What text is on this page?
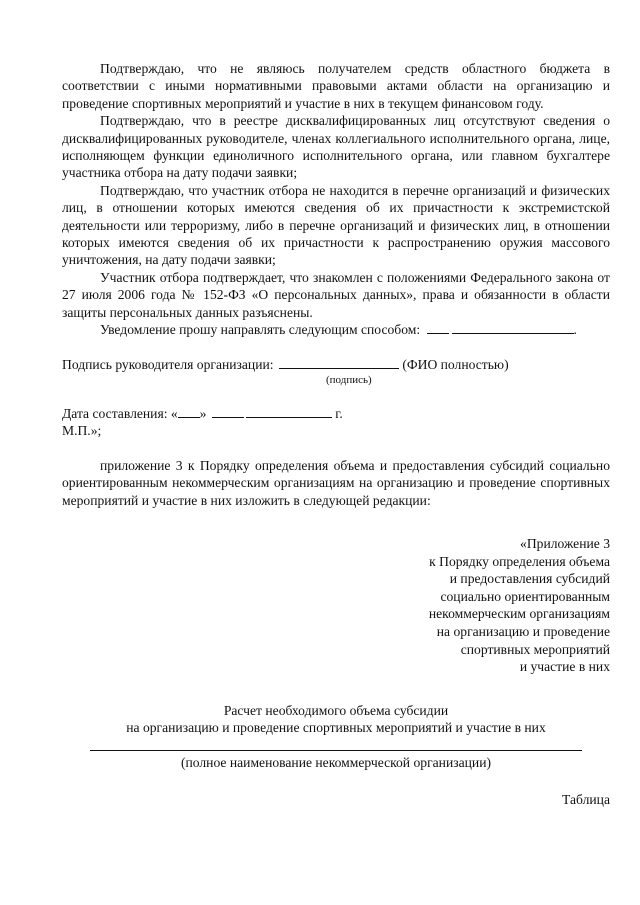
Подтверждаю, что не являюсь получателем средств областного бюджета в соответствии с иными нормативными правовыми актами области на организацию и проведение спортивных мероприятий и участие в них в текущем финансовом году.

Подтверждаю, что в реестре дисквалифицированных лиц отсутствуют сведения о дисквалифицированных руководителе, членах коллегиального исполнительного органа, лице, исполняющем функции единоличного исполнительного органа, или главном бухгалтере участника отбора на дату подачи заявки;

Подтверждаю, что участник отбора не находится в перечне организаций и физических лиц, в отношении которых имеются сведения об их причастности к экстремистской деятельности или терроризму, либо в перечне организаций и физических лиц, в отношении которых имеются сведения об их причастности к распространению оружия массового уничтожения, на дату подачи заявки;

Участник отбора подтверждает, что знакомлен с положениями Федерального закона от 27 июля 2006 года № 152-ФЗ «О персональных данных», права и обязанности в области защиты персональных данных разъяснены.

Уведомление прошу направлять следующим способом:	.

Подпись руководителя организации:	(ФИО полностью)
(подпись)
Дата составления: « »	г.
М.П.»;

приложение 3 к Порядку определения объема и предоставления субсидий социально ориентированным некоммерческим организациям на организацию и проведение спортивных мероприятий и участие в них изложить в следующей редакции:

«Приложение 3
к Порядку определения объема
и предоставления субсидий
социально ориентированным
некоммерческим организациям
на организацию и проведение
спортивных мероприятий
и участие в них
Расчет необходимого объема субсидии
на организацию и проведение спортивных мероприятий и участие в них
(полное наименование некоммерческой организации)
Таблица
